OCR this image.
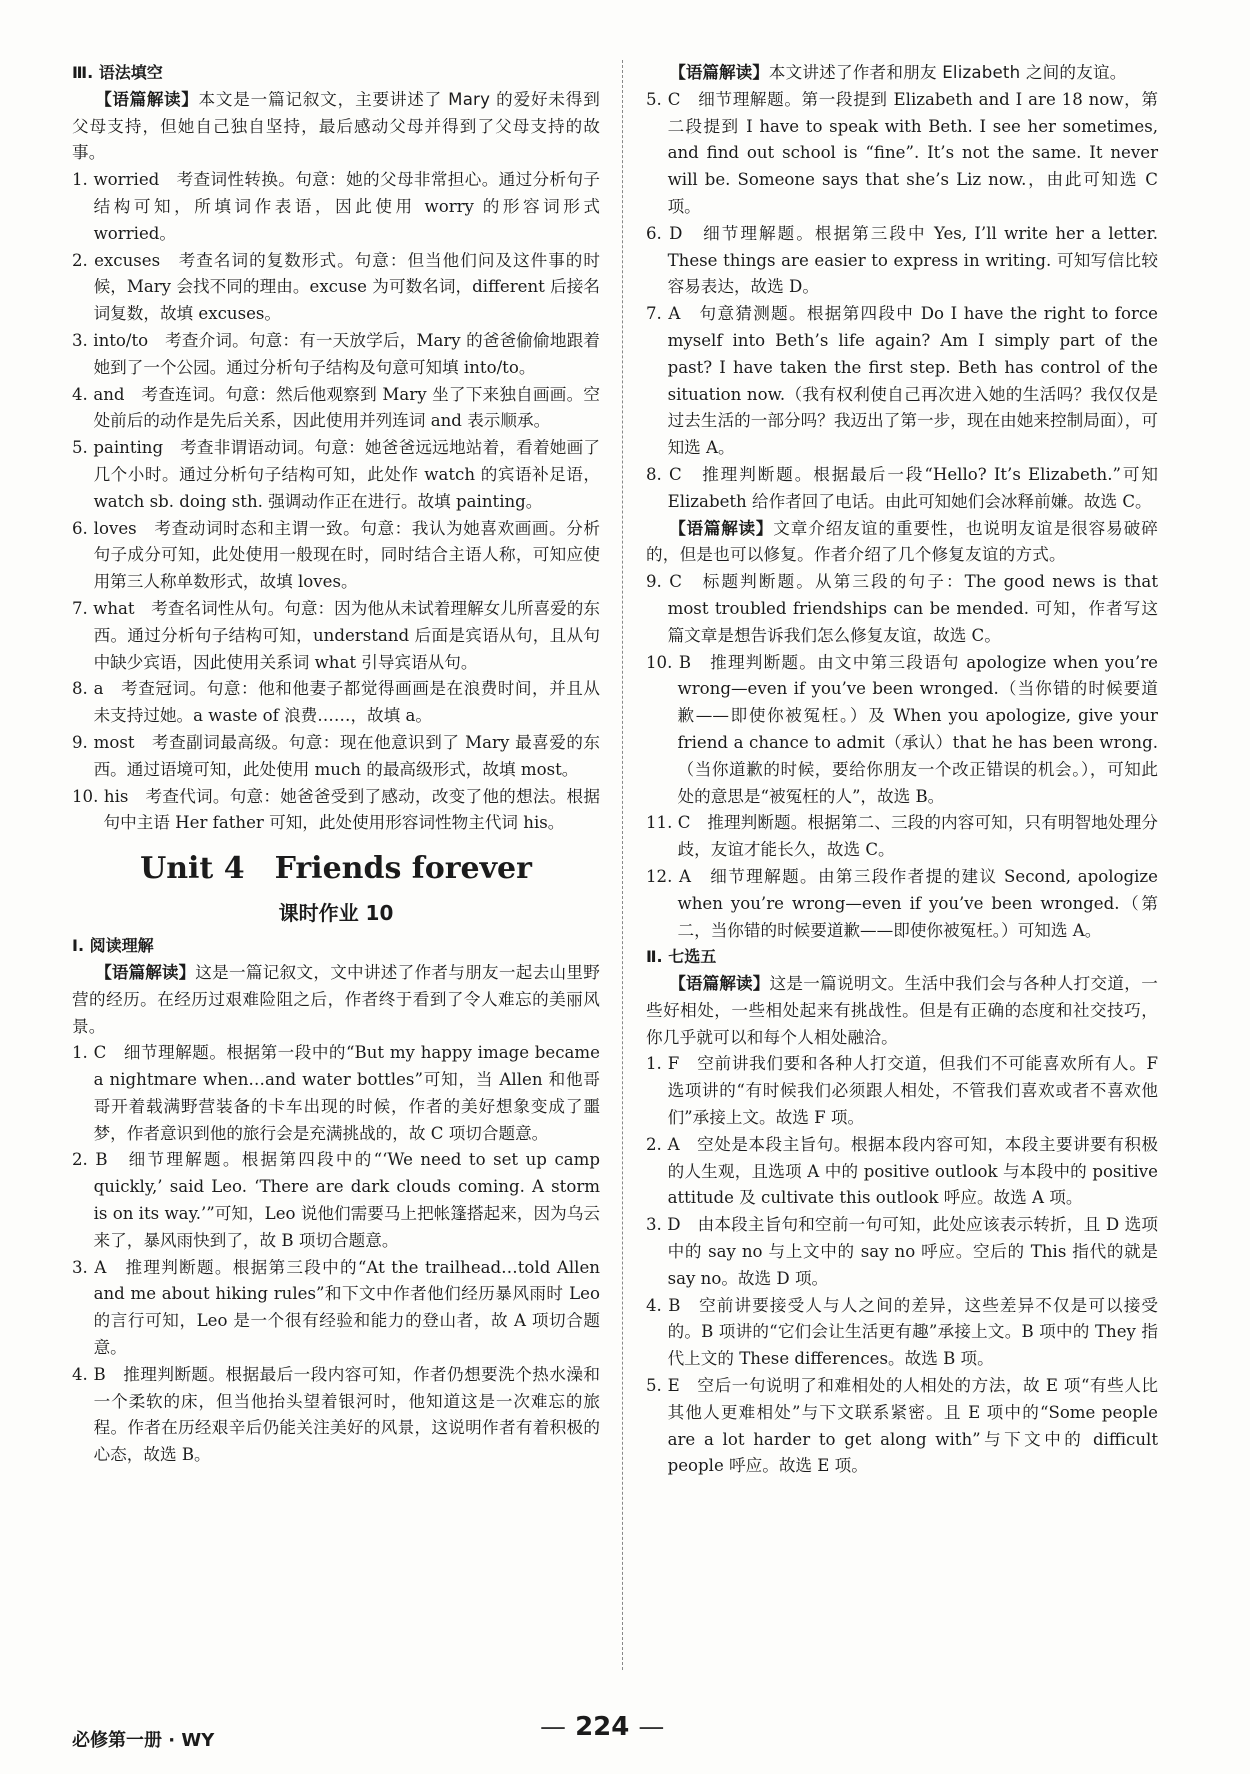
Ⅲ. 语法填空

【语篇解读】本文是一篇记叙文，主要讲述了 Mary 的爱好未得到父母支持，但她自己独自坚持，最后感动父母并得到了父母支持的故事。

1. worried　考查词性转换。句意：她的父母非常担心。通过分析句子结构可知，所填词作表语，因此使用 worry 的形容词形式 worried。

2. excuses　考查名词的复数形式。句意：但当他们问及这件事的时候，Mary 会找不同的理由。excuse 为可数名词，different 后接名词复数，故填 excuses。

3. into/to　考查介词。句意：有一天放学后，Mary 的爸爸偷偷地跟着她到了一个公园。通过分析句子结构及句意可知填 into/to。

4. and　考查连词。句意：然后他观察到 Mary 坐了下来独自画画。空处前后的动作是先后关系，因此使用并列连词 and 表示顺承。

5. painting　考查非谓语动词。句意：她爸爸远远地站着，看着她画了几个小时。通过分析句子结构可知，此处作 watch 的宾语补足语，watch sb. doing sth. 强调动作正在进行。故填 painting。

6. loves　考查动词时态和主谓一致。句意：我认为她喜欢画画。分析句子成分可知，此处使用一般现在时，同时结合主语人称，可知应使用第三人称单数形式，故填 loves。

7. what　考查名词性从句。句意：因为他从未试着理解女儿所喜爱的东西。通过分析句子结构可知，understand 后面是宾语从句，且从句中缺少宾语，因此使用关系词 what 引导宾语从句。

8. a　考查冠词。句意：他和他妻子都觉得画画是在浪费时间，并且从未支持过她。a waste of 浪费……，故填 a。

9. most　考查副词最高级。句意：现在他意识到了 Mary 最喜爱的东西。通过语境可知，此处使用 much 的最高级形式，故填 most。

10. his　考查代词。句意：她爸爸受到了感动，改变了他的想法。根据句中主语 Her father 可知，此处使用形容词性物主代词 his。

Unit 4　Friends forever
课时作业 10

Ⅰ. 阅读理解

【语篇解读】这是一篇记叙文，文中讲述了作者与朋友一起去山里野营的经历。在经历过艰难险阻之后，作者终于看到了令人难忘的美丽风景。

1. C　细节理解题。根据第一段中的“But my happy image became a nightmare when…and water bottles”可知，当 Allen 和他哥哥开着载满野营装备的卡车出现的时候，作者的美好想象变成了噩梦，作者意识到他的旅行会是充满挑战的，故 C 项切合题意。

2. B　细节理解题。根据第四段中的“‘We need to set up camp quickly,’ said Leo. ‘There are dark clouds coming. A storm is on its way.’”可知，Leo 说他们需要马上把帐篷搭起来，因为乌云来了，暴风雨快到了，故 B 项切合题意。

3. A　推理判断题。根据第三段中的“At the trailhead…told Allen and me about hiking rules”和下文中作者他们经历暴风雨时 Leo 的言行可知，Leo 是一个很有经验和能力的登山者，故 A 项切合题意。

4. B　推理判断题。根据最后一段内容可知，作者仍想要洗个热水澡和一个柔软的床，但当他抬头望着银河时，他知道这是一次难忘的旅程。作者在历经艰辛后仍能关注美好的风景，这说明作者有着积极的心态，故选 B。

【语篇解读】本文讲述了作者和朋友 Elizabeth 之间的友谊。

5. C　细节理解题。第一段提到 Elizabeth and I are 18 now，第二段提到 I have to speak with Beth. I see her sometimes, and find out school is “fine”. It’s not the same. It never will be. Someone says that she’s Liz now.，由此可知选 C 项。

6. D　细节理解题。根据第三段中 Yes, I’ll write her a letter. These things are easier to express in writing. 可知写信比较容易表达，故选 D。

7. A　句意猜测题。根据第四段中 Do I have the right to force myself into Beth’s life again? Am I simply part of the past? I have taken the first step. Beth has control of the situation now.（我有权利使自己再次进入她的生活吗？我仅仅是过去生活的一部分吗？我迈出了第一步，现在由她来控制局面），可知选 A。

8. C　推理判断题。根据最后一段“Hello? It’s Elizabeth.”可知 Elizabeth 给作者回了电话。由此可知她们会冰释前嫌。故选 C。

【语篇解读】文章介绍友谊的重要性，也说明友谊是很容易破碎的，但是也可以修复。作者介绍了几个修复友谊的方式。

9. C　标题判断题。从第三段的句子：The good news is that most troubled friendships can be mended. 可知，作者写这篇文章是想告诉我们怎么修复友谊，故选 C。

10. B　推理判断题。由文中第三段语句 apologize when you’re wrong—even if you’ve been wronged.（当你错的时候要道歉——即使你被冤枉。）及 When you apologize, give your friend a chance to admit（承认）that he has been wrong.（当你道歉的时候，要给你朋友一个改正错误的机会。），可知此处的意思是“被冤枉的人”，故选 B。

11. C　推理判断题。根据第二、三段的内容可知，只有明智地处理分歧，友谊才能长久，故选 C。

12. A　细节理解题。由第三段作者提的建议 Second, apologize when you’re wrong—even if you’ve been wronged.（第二，当你错的时候要道歉——即使你被冤枉。）可知选 A。

Ⅱ. 七选五

【语篇解读】这是一篇说明文。生活中我们会与各种人打交道，一些好相处，一些相处起来有挑战性。但是有正确的态度和社交技巧，你几乎就可以和每个人相处融洽。

1. F　空前讲我们要和各种人打交道，但我们不可能喜欢所有人。F 选项讲的“有时候我们必须跟人相处，不管我们喜欢或者不喜欢他们”承接上文。故选 F 项。

2. A　空处是本段主旨句。根据本段内容可知，本段主要讲要有积极的人生观，且选项 A 中的 positive outlook 与本段中的 positive attitude 及 cultivate this outlook 呼应。故选 A 项。

3. D　由本段主旨句和空前一句可知，此处应该表示转折，且 D 选项中的 say no 与上文中的 say no 呼应。空后的 This 指代的就是 say no。故选 D 项。

4. B　空前讲要接受人与人之间的差异，这些差异不仅是可以接受的。B 项讲的“它们会让生活更有趣”承接上文。B 项中的 They 指代上文的 These differences。故选 B 项。

5. E　空后一句说明了和难相处的人相处的方法，故 E 项“有些人比其他人更难相处”与下文联系紧密。且 E 项中的“Some people are a lot harder to get along with”与下文中的 difficult people 呼应。故选 E 项。

必修第一册 · WY	— 224 —
